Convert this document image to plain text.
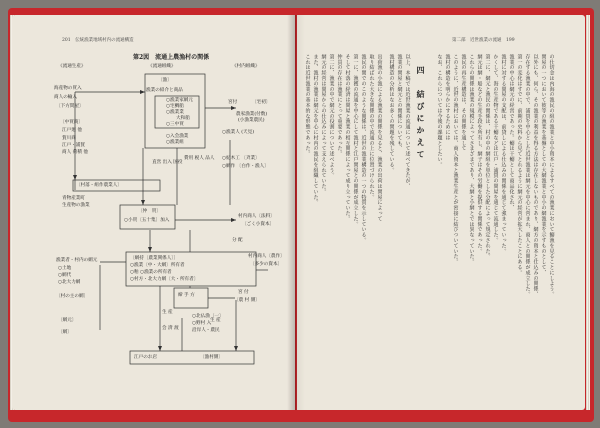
201　伝統漁業地域村内の流通構造	第二部　近世漁業の流通　199
第2図　流通上農漁村の関係
《流通生産》	《流通組織》	《村内組織》
〔漁〕
海産物の買入
商人の輸入
〔下方問屋〕
漁業の紹介と商品
○漁業家網元
○宅鯛船
○漁業業
大和船
○三中買
○入会漁業
○漁業組
宮付	〔宅初〕
農家漁業(付数)
(小漁業農民)
○漁業人 (天見)
○紀木工 〔斉業〕
○網作 〔白作・漁人〕
〔中買商〕
江戸廻 他
賀川商
江戸・浦賀
商人 荷積 他
〔村落・組作農業人〕
青物産業町
生産物の漁業
直営 出入 国役
費用 税人 品人
〔仲　買〕
○小買〔五十集〕加入
村内商人〔法料〕
〔ごく小資本〕
〔網持〔農業関係人〕〕
○漁業〔中・大網〕所有者
○粕 ○漁業の所有者
○村方・北大力網〔大・所有者〕
村内商人〔農作〕
〔多少の資本〕
分 配
漁業者・村内の網元
○土地
○網代
○北大力網
〔村の主の網〕
〔網元〕
〔網〕
生 産
会 済 渡
生 産
締 手 方
宮 付
〔農 村 側〕
○北仏漁〔一〕
○野村 入
沿岸人・農民
江戸のお店	〔漁村側〕
四　結びにかえて	の仕切金は内海の漁民の組の漁業と中小資本によるすべての漁業において鰯漁を見ることにしよう。
問屋の一つにおいて彼等の漁業を基盤としての大網漁業と中小の網漁業を示すものとして、
以外にも、何ら、その漁業の利益を得る方法は存在しないものであり、網方の資本と仕込みの関係、
存在する漁業の中で、浦賀を中心とした近世漁業は網元を中心に営まれ、商人との関係が成立した。
第一の変化はすでに、前期の史料から見てとれるように網元の経営が拡大したことにある。
漁業の中心は網元の経営であった。鰯は干鰯として商品化され、
漁村に対する問屋の支配は、前貸しによる仕込みの関係を通じて強まっていった。
かくして、海の生産物である干鰯などは江戸・浦賀の問屋を通じて流通した。
第二に、網元と漁民の関係は、村の中の網組を単位とした分配によって規定された。
網元は網・船などの生産手段を所有し、網子はその労働を提供する関係であった。
これらの関係は漁業の規模によってさまざまであり、大網と小網とでは異なっていた。
漁民の再生産構造は、その関係を通して
このように、近世の漁村においては、商人資本と漁業生産とが密接に結びついていた。
漁村の構造を明らかにするためには
なお、これらについては今後の課題としたい。
以上、本稿では近世漁業の流通について述べてきたが、
漁業の問屋と網元との関係についても、
漁村構造の分析はなお多くの問題を残している。
出荷漁の小漁による漁業の関係を見ると、漁業の出荷は問屋によって
取り結ばれた大きな関係の中で流通の上に位置づけられた。
漁民の間でのこのような関係は、近世の漁業構造の一つの特質を示している。
第一に、漁獲の流通を中心にして漁村と江戸問屋との関係が成立した。
そして村落の経済は問屋と漁業の相互関係によって成り立っていた。
仲買の存在は漁業にとって重要であった。
第二に、漁業の中で網元の役割について述べよう。
網元の経営は問屋からの仕込みによって支えられていた。
また、漁村の漁業は網元を中心に村内の漁民を組織していた。
これは近世漁業の基本的な形態であった。
